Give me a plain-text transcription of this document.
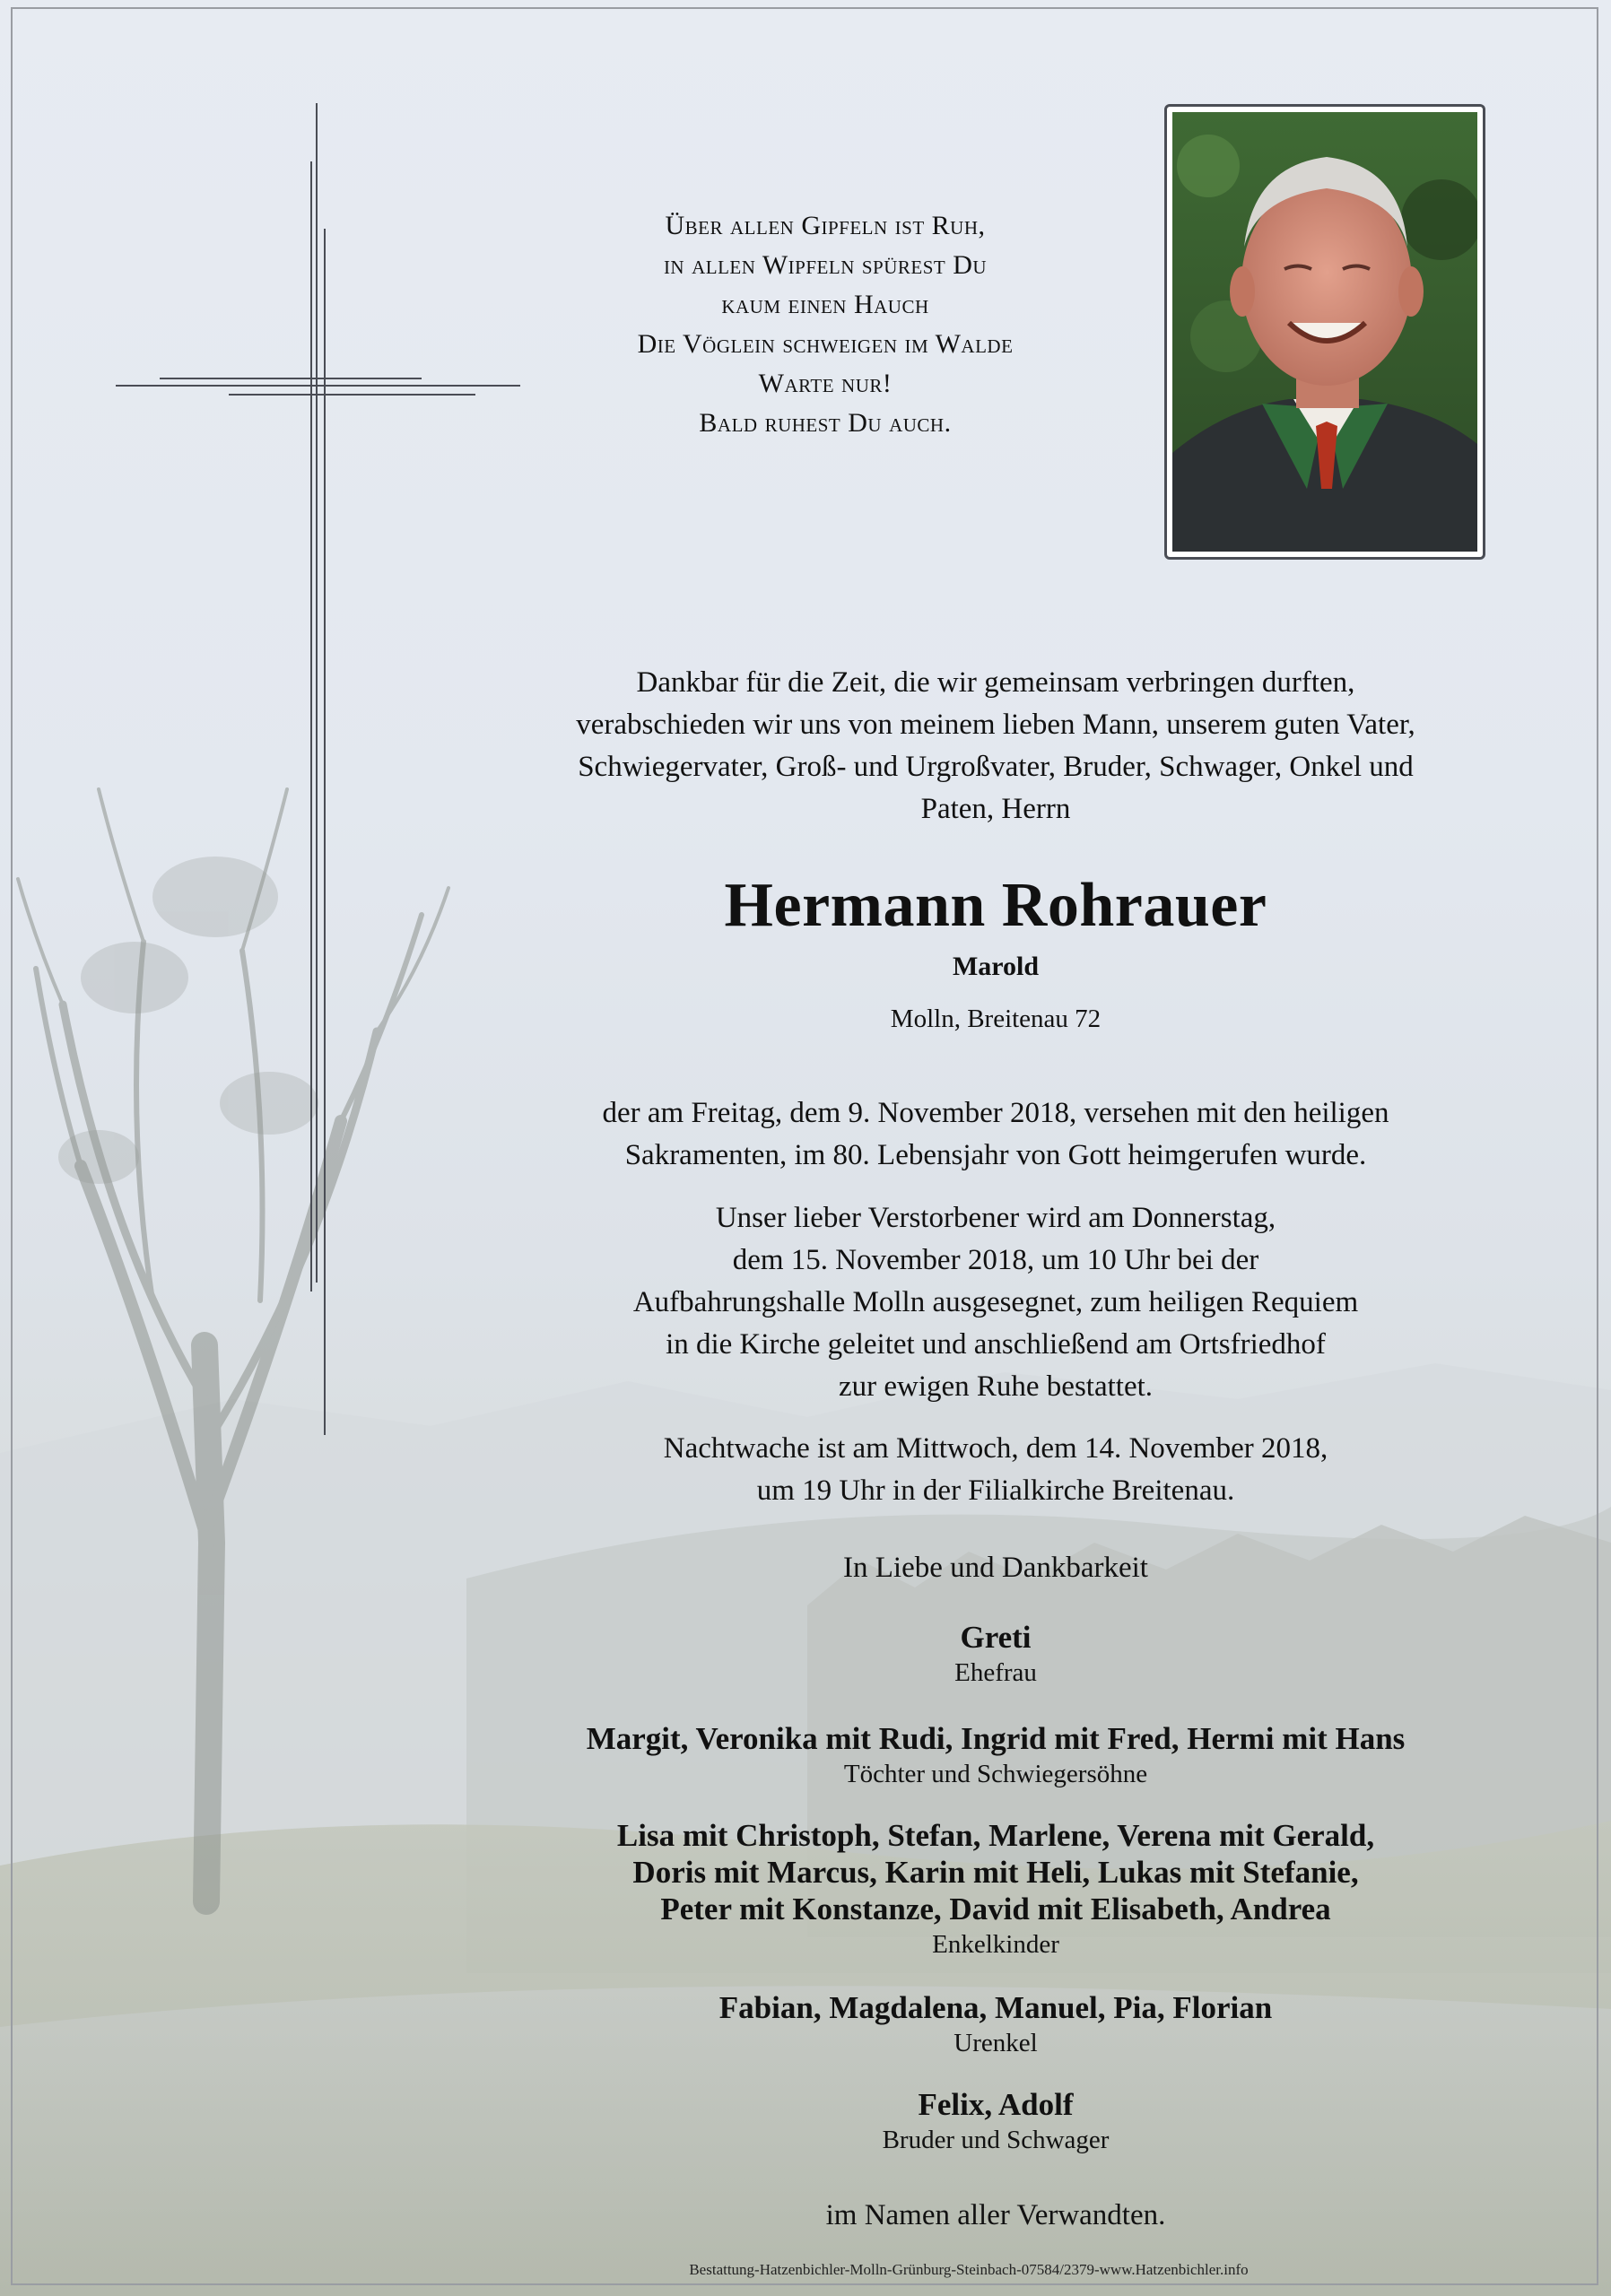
Über allen Gipfeln ist Ruh,
in allen Wipfeln spürest Du
kaum einen Hauch
Die Vöglein schweigen im Walde
Warte nur!
Bald ruhest Du auch.
Dankbar für die Zeit, die wir gemeinsam verbringen durften,
verabschieden wir uns von meinem lieben Mann, unserem guten Vater,
Schwiegervater, Groß- und Urgroßvater, Bruder, Schwager, Onkel und
Paten, Herrn
Hermann Rohrauer
Marold
Molln, Breitenau 72
der am Freitag, dem 9. November 2018, versehen mit den heiligen
Sakramenten, im 80. Lebensjahr von Gott heimgerufen wurde.
Unser lieber Verstorbener wird am Donnerstag,
dem 15. November 2018, um 10 Uhr bei der
Aufbahrungshalle Molln ausgesegnet, zum heiligen Requiem
in die Kirche geleitet und anschließend am Ortsfriedhof
zur ewigen Ruhe bestattet.
Nachtwache ist am Mittwoch, dem 14. November 2018,
um 19 Uhr in der Filialkirche Breitenau.
In Liebe und Dankbarkeit
Greti
Ehefrau
Margit, Veronika mit Rudi, Ingrid mit Fred, Hermi mit Hans
Töchter und Schwiegersöhne
Lisa mit Christoph, Stefan, Marlene, Verena mit Gerald,
Doris mit Marcus, Karin mit Heli, Lukas mit Stefanie,
Peter mit Konstanze, David mit Elisabeth, Andrea
Enkelkinder
Fabian, Magdalena, Manuel, Pia, Florian
Urenkel
Felix, Adolf
Bruder und Schwager
im Namen aller Verwandten.
Bestattung-Hatzenbichler-Molln-Grünburg-Steinbach-07584/2379-www.Hatzenbichler.info
